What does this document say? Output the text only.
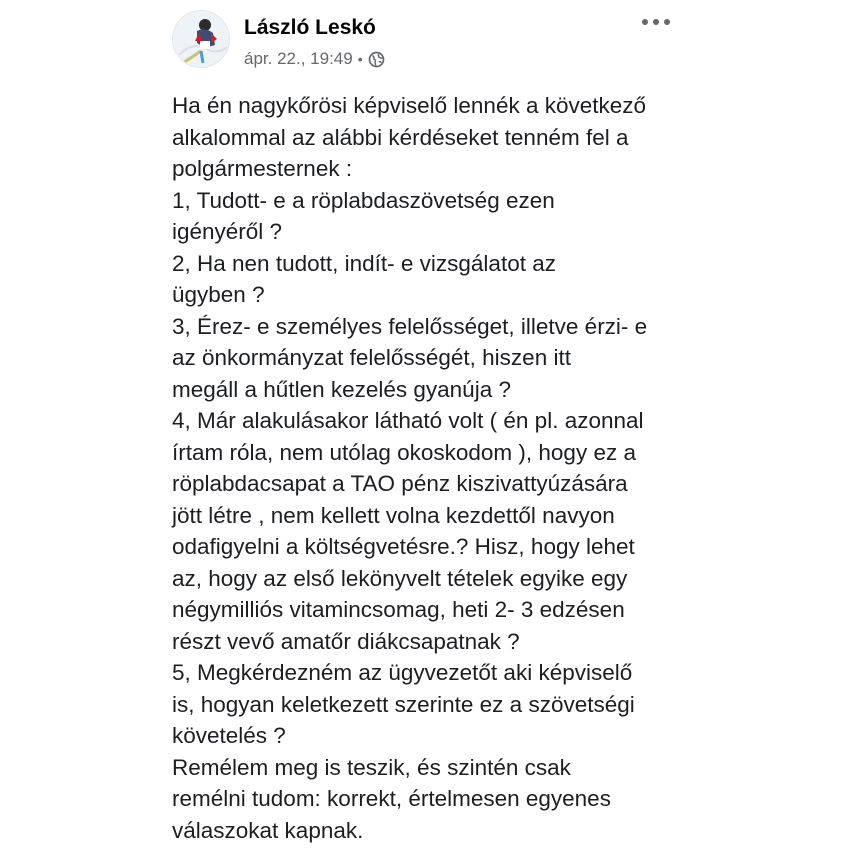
László Leskó
ápr. 22., 19:49 •

Ha én nagykőrösi képviselő lennék a következő

alkalommal az alábbi kérdéseket tenném fel a

polgármesternek :

1, Tudott- e a röplabdaszövetség ezen

igényéről ?

2, Ha nen tudott, indít- e vizsgálatot az

ügyben ?

3, Érez- e személyes felelősséget, illetve érzi- e

az önkormányzat felelősségét, hiszen itt

megáll a hűtlen kezelés gyanúja ?

4, Már alakulásakor látható volt ( én pl. azonnal

írtam róla, nem utólag okoskodom ), hogy ez a

röplabdacsapat a TAO pénz kiszivattyúzására

jött létre , nem kellett volna kezdettől navyon

odafigyelni a költségvetésre.? Hisz, hogy lehet

az, hogy az első lekönyvelt tételek egyike egy

négymilliós vitamincsomag, heti 2- 3 edzésen

részt vevő amatőr diákcsapatnak ?

5, Megkérdezném az ügyvezetőt aki képviselő

is, hogyan keletkezett szerinte ez a szövetségi

követelés ?

Remélem meg is teszik, és szintén csak

remélni tudom: korrekt, értelmesen egyenes

válaszokat kapnak.
